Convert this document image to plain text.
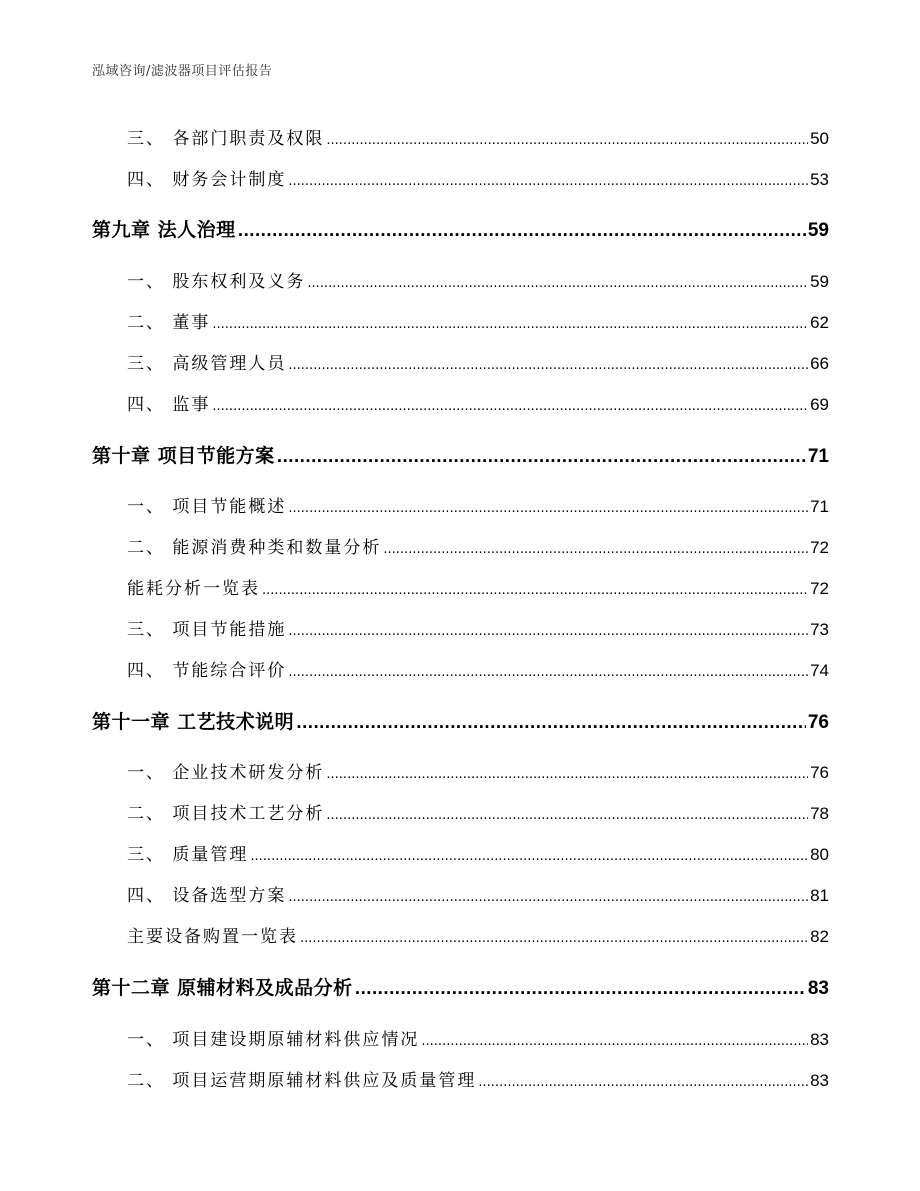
泓域咨询/滤波器项目评估报告
三、 各部门职责及权限 .....	50
四、 财务会计制度 .....	53
第九章 法人治理 .....	59
一、 股东权利及义务 .....	59
二、 董事 .....	62
三、 高级管理人员 .....	66
四、 监事 .....	69
第十章 项目节能方案 .....	71
一、 项目节能概述 .....	71
二、 能源消费种类和数量分析 .....	72
能耗分析一览表 .....	72
三、 项目节能措施 .....	73
四、 节能综合评价 .....	74
第十一章 工艺技术说明 .....	76
一、 企业技术研发分析 .....	76
二、 项目技术工艺分析 .....	78
三、 质量管理 .....	80
四、 设备选型方案 .....	81
主要设备购置一览表 .....	82
第十二章 原辅材料及成品分析 .....	83
一、 项目建设期原辅材料供应情况 .....	83
二、 项目运营期原辅材料供应及质量管理 .....	83
